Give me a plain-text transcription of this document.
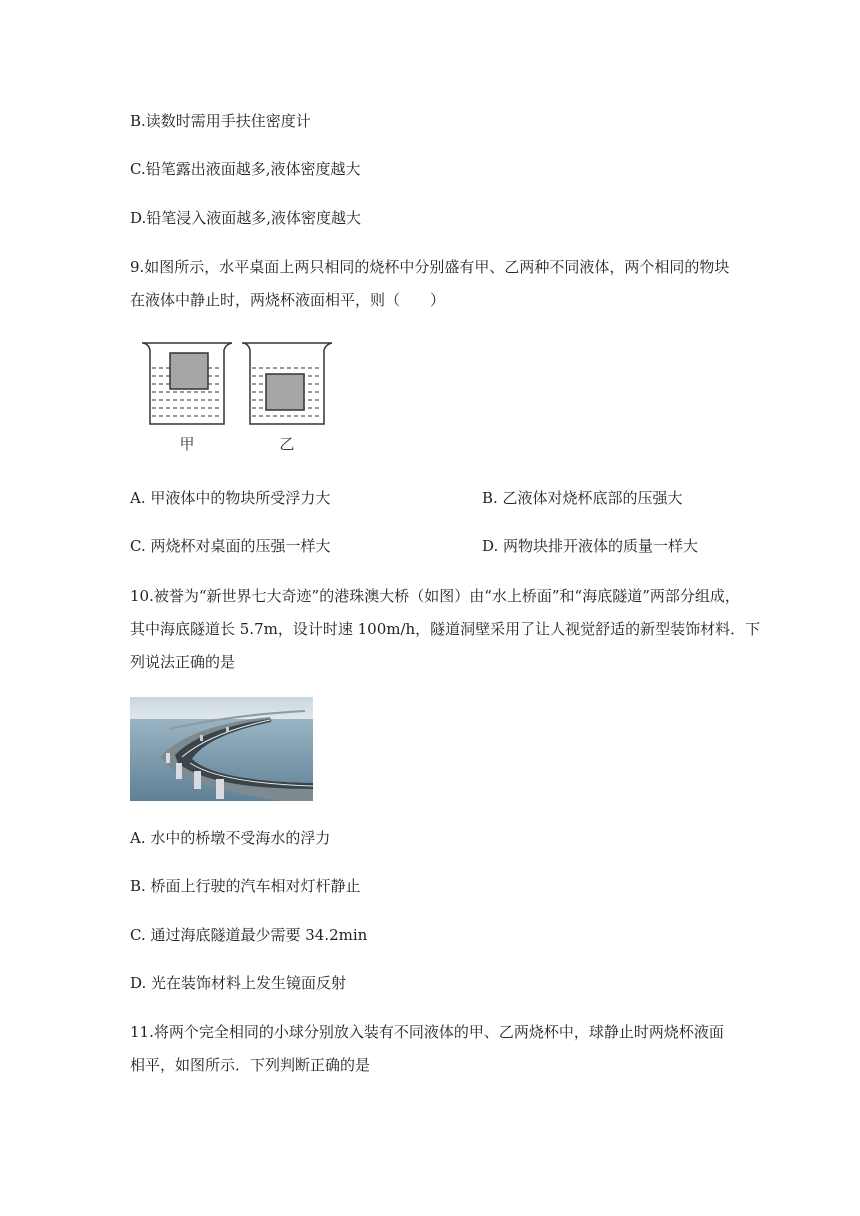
B.读数时需用手扶住密度计
C.铅笔露出液面越多,液体密度越大
D.铅笔浸入液面越多,液体密度越大
9.如图所示，水平桌面上两只相同的烧杯中分别盛有甲、乙两种不同液体，两个相同的物块
在液体中静止时，两烧杯液面相平，则（　　）
甲	乙
A. 甲液体中的物块所受浮力大	B. 乙液体对烧杯底部的压强大
C. 两烧杯对桌面的压强一样大	D. 两物块排开液体的质量一样大
10.被誉为“新世界七大奇迹”的港珠澳大桥（如图）由“水上桥面”和“海底隧道”两部分组成，
其中海底隧道长 5.7m，设计时速 100m/h，隧道洞壁采用了让人视觉舒适的新型装饰材料．下
列说法正确的是
A. 水中的桥墩不受海水的浮力
B. 桥面上行驶的汽车相对灯杆静止
C. 通过海底隧道最少需要 34.2min
D. 光在装饰材料上发生镜面反射
11.将两个完全相同的小球分别放入装有不同液体的甲、乙两烧杯中，球静止时两烧杯液面
相平，如图所示．下列判断正确的是
